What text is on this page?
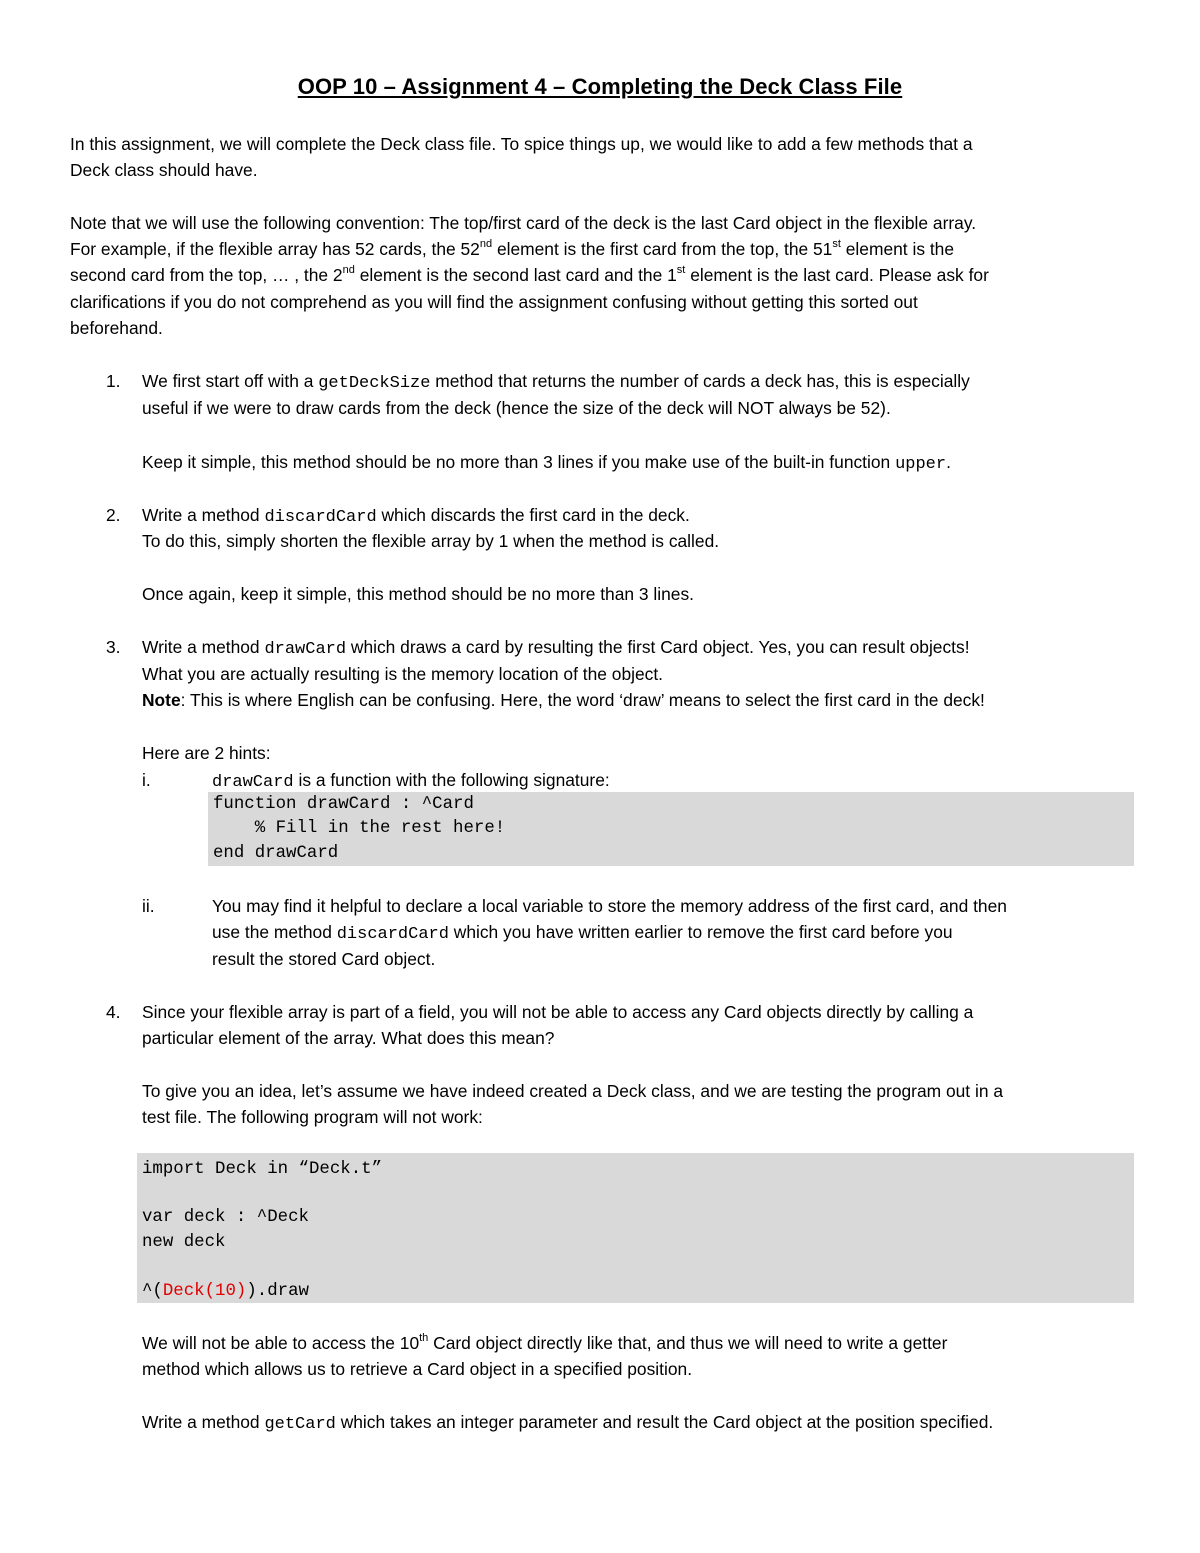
OOP 10 – Assignment 4 – Completing the Deck Class File
In this assignment, we will complete the Deck class file. To spice things up, we would like to add a few methods that a
Deck class should have.
Note that we will use the following convention: The top/first card of the deck is the last Card object in the flexible array.
For example, if the flexible array has 52 cards, the 52nd element is the first card from the top, the 51st element is the
second card from the top, … , the 2nd element is the second last card and the 1st element is the last card. Please ask for
clarifications if you do not comprehend as you will find the assignment confusing without getting this sorted out
beforehand.
1. We first start off with a getDeckSize method that returns the number of cards a deck has, this is especially
useful if we were to draw cards from the deck (hence the size of the deck will NOT always be 52).
Keep it simple, this method should be no more than 3 lines if you make use of the built-in function upper.
2. Write a method discardCard which discards the first card in the deck.
To do this, simply shorten the flexible array by 1 when the method is called.
Once again, keep it simple, this method should be no more than 3 lines.
3. Write a method drawCard which draws a card by resulting the first Card object. Yes, you can result objects!
What you are actually resulting is the memory location of the object.
Note: This is where English can be confusing. Here, the word ‘draw’ means to select the first card in the deck!
Here are 2 hints:
i.	drawCard is a function with the following signature:
function drawCard : ^Card
% Fill in the rest here!
end drawCard
ii.	You may find it helpful to declare a local variable to store the memory address of the first card, and then
use the method discardCard which you have written earlier to remove the first card before you
result the stored Card object.
4. Since your flexible array is part of a field, you will not be able to access any Card objects directly by calling a
particular element of the array. What does this mean?
To give you an idea, let’s assume we have indeed created a Deck class, and we are testing the program out in a
test file. The following program will not work:
import Deck in “Deck.t”
var deck : ^Deck
new deck
^(Deck(10)).draw
We will not be able to access the 10th Card object directly like that, and thus we will need to write a getter
method which allows us to retrieve a Card object in a specified position.
Write a method getCard which takes an integer parameter and result the Card object at the position specified.
